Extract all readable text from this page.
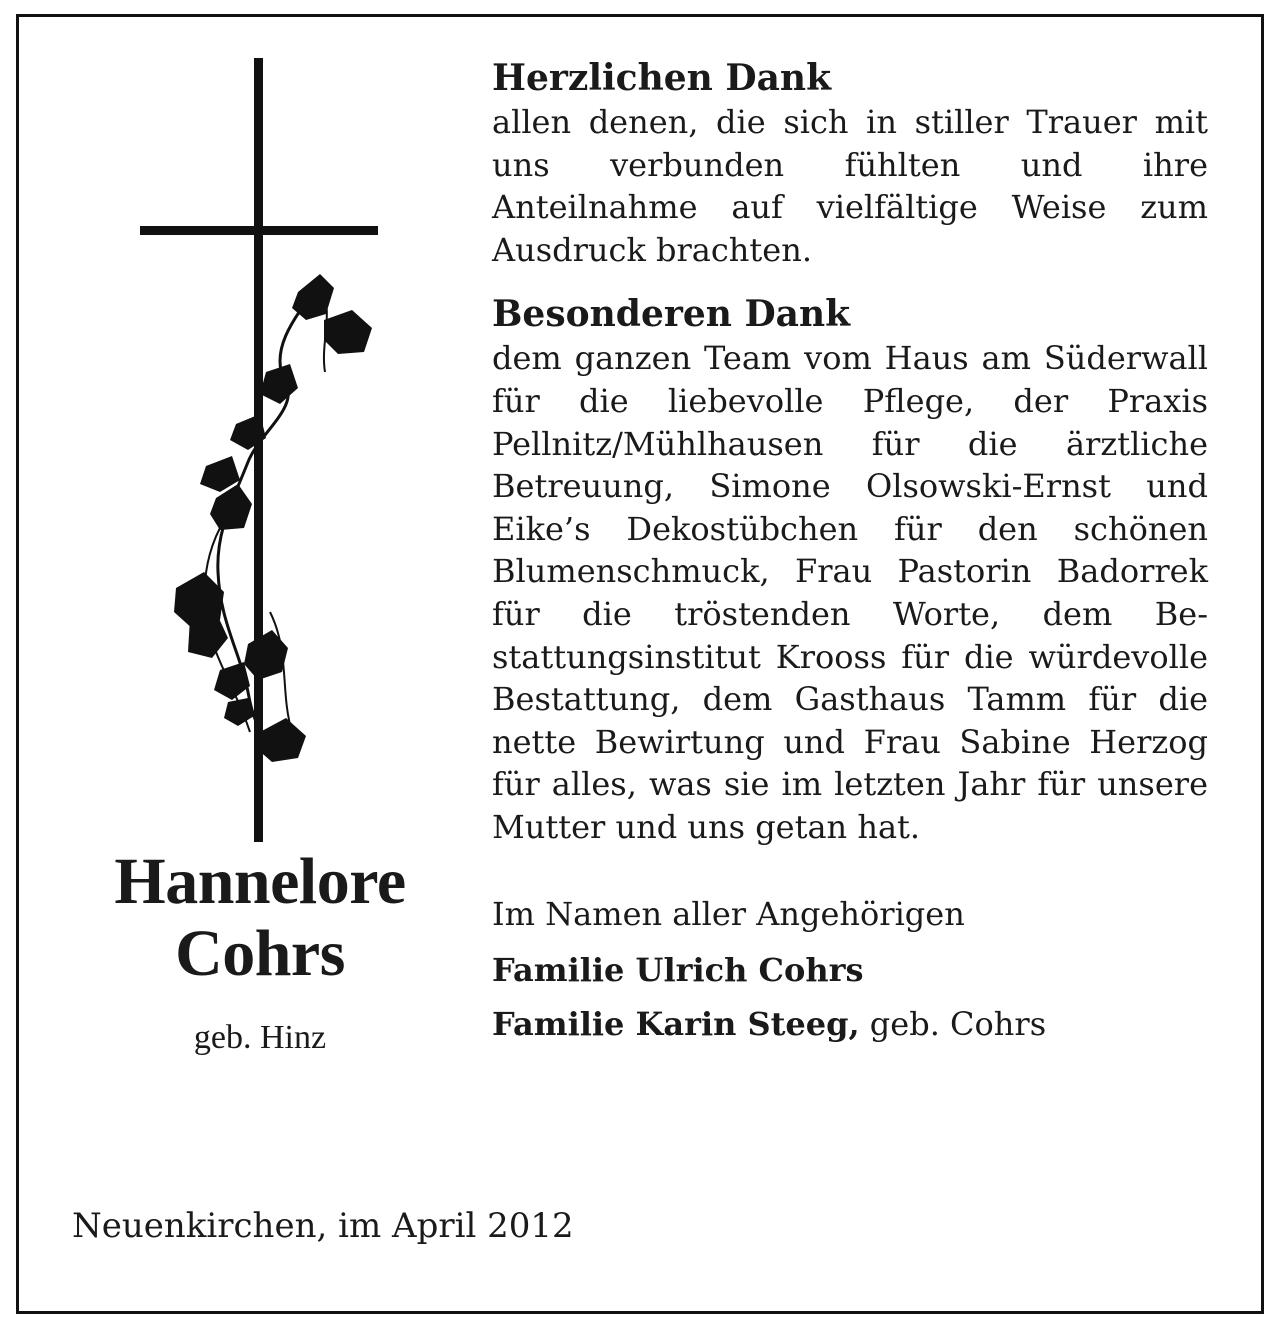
Hannelore
Cohrs
geb. Hinz
Herzlichen Dank

allen denen, die sich in stiller Trauer mit uns verbunden fühlten und ihre Anteilnahme auf vielfältige Weise zum Ausdruck brachten.

Besonderen Dank

dem ganzen Team vom Haus am Süderwall für die liebevolle Pflege, der Praxis Pellnitz/Mühlhausen für die ärztliche Betreuung, Simone Olsowski-Ernst und Eike’s Dekostübchen für den schönen Blumenschmuck, Frau Pastorin Badorrek für die tröstenden Worte, dem Bestattungsinstitut Krooss für die würdevolle Bestattung, dem Gasthaus Tamm für die nette Bewirtung und Frau Sabine Herzog für alles, was sie im letzten Jahr für unsere Mutter und uns getan hat.

Im Namen aller Angehörigen

Familie Ulrich Cohrs

Familie Karin Steeg, geb. Cohrs

Neuenkirchen, im April 2012
